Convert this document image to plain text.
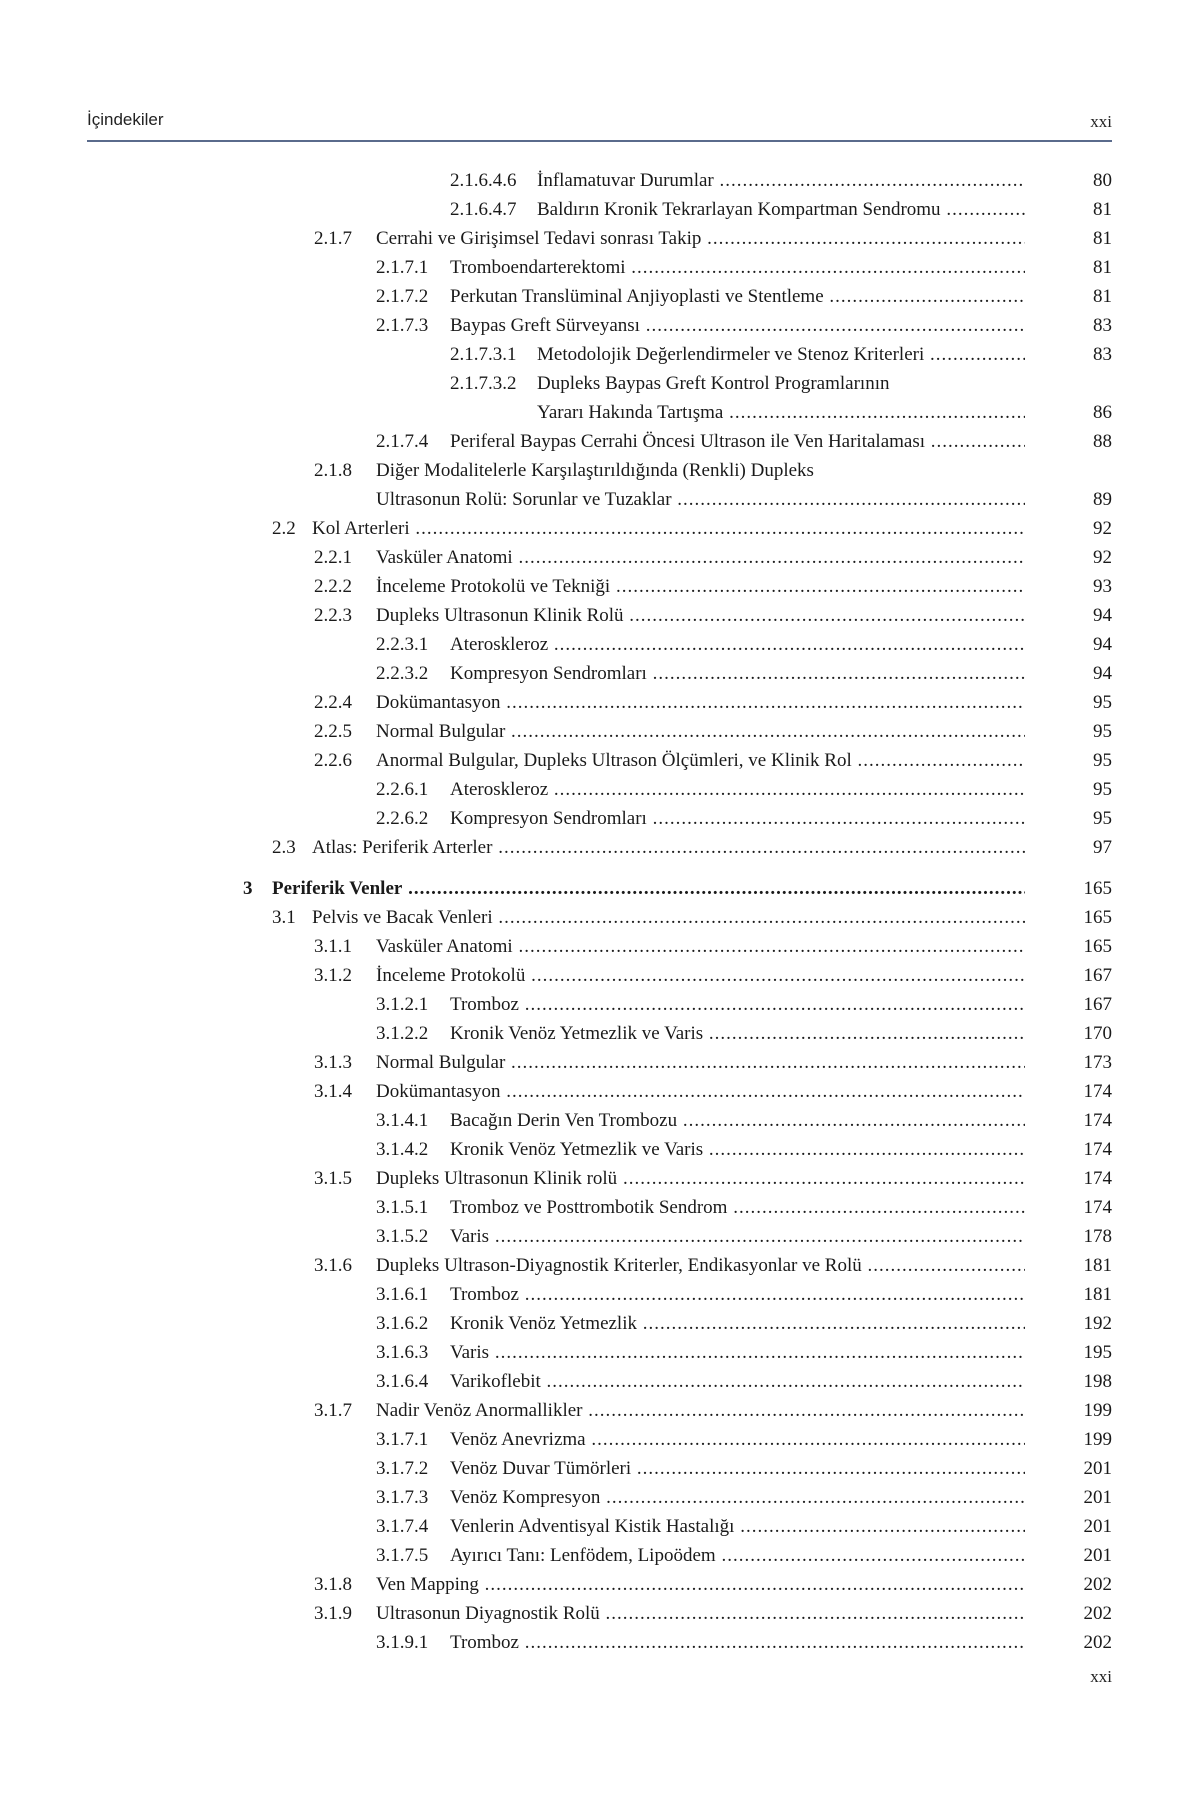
İçindekiler	xxi
2.1.6.4.6 İnflamatuvar Durumlar .....	80
2.1.6.4.7 Baldırın Kronik Tekrarlayan Kompartman Sendromu .....	81
2.1.7 Cerrahi ve Girişimsel Tedavi sonrası Takip .....	81
2.1.7.1 Tromboendarterektomi .....	81
2.1.7.2 Perkutan Translüminal Anjiyoplasti ve Stentleme .....	81
2.1.7.3 Baypas Greft Sürveyansı .....	83
2.1.7.3.1 Metodolojik Değerlendirmeler ve Stenoz Kriterleri .....	83
2.1.7.3.2 Dupleks Baypas Greft Kontrol Programlarının
Yararı Hakında Tartışma .....	86
2.1.7.4 Periferal Baypas Cerrahi Öncesi Ultrason ile Ven Haritalaması .....	88
2.1.8 Diğer Modalitelerle Karşılaştırıldığında (Renkli) Dupleks
Ultrasonun Rolü: Sorunlar ve Tuzaklar .....	89
2.2 Kol Arterleri .....	92
2.2.1 Vasküler Anatomi .....	92
2.2.2 İnceleme Protokolü ve Tekniği .....	93
2.2.3 Dupleks Ultrasonun Klinik Rolü .....	94
2.2.3.1 Ateroskleroz .....	94
2.2.3.2 Kompresyon Sendromları .....	94
2.2.4 Dokümantasyon .....	95
2.2.5 Normal Bulgular .....	95
2.2.6 Anormal Bulgular, Dupleks Ultrason Ölçümleri, ve Klinik Rol .....	95
2.2.6.1 Ateroskleroz .....	95
2.2.6.2 Kompresyon Sendromları .....	95
2.3 Atlas: Periferik Arterler .....	97
3 Periferik Venler .....	165
3.1 Pelvis ve Bacak Venleri .....	165
3.1.1 Vasküler Anatomi .....	165
3.1.2 İnceleme Protokolü .....	167
3.1.2.1 Tromboz .....	167
3.1.2.2 Kronik Venöz Yetmezlik ve Varis .....	170
3.1.3 Normal Bulgular .....	173
3.1.4 Dokümantasyon .....	174
3.1.4.1 Bacağın Derin Ven Trombozu .....	174
3.1.4.2 Kronik Venöz Yetmezlik ve Varis .....	174
3.1.5 Dupleks Ultrasonun Klinik rolü .....	174
3.1.5.1 Tromboz ve Posttrombotik Sendrom .....	174
3.1.5.2 Varis .....	178
3.1.6 Dupleks Ultrason-Diyagnostik Kriterler, Endikasyonlar ve Rolü .....	181
3.1.6.1 Tromboz .....	181
3.1.6.2 Kronik Venöz Yetmezlik .....	192
3.1.6.3 Varis .....	195
3.1.6.4 Varikoflebit .....	198
3.1.7 Nadir Venöz Anormallikler .....	199
3.1.7.1 Venöz Anevrizma .....	199
3.1.7.2 Venöz Duvar Tümörleri .....	201
3.1.7.3 Venöz Kompresyon .....	201
3.1.7.4 Venlerin Adventisyal Kistik Hastalığı .....	201
3.1.7.5 Ayırıcı Tanı: Lenfödem, Lipoödem .....	201
3.1.8 Ven Mapping .....	202
3.1.9 Ultrasonun Diyagnostik Rolü .....	202
3.1.9.1 Tromboz .....	202
xxi
